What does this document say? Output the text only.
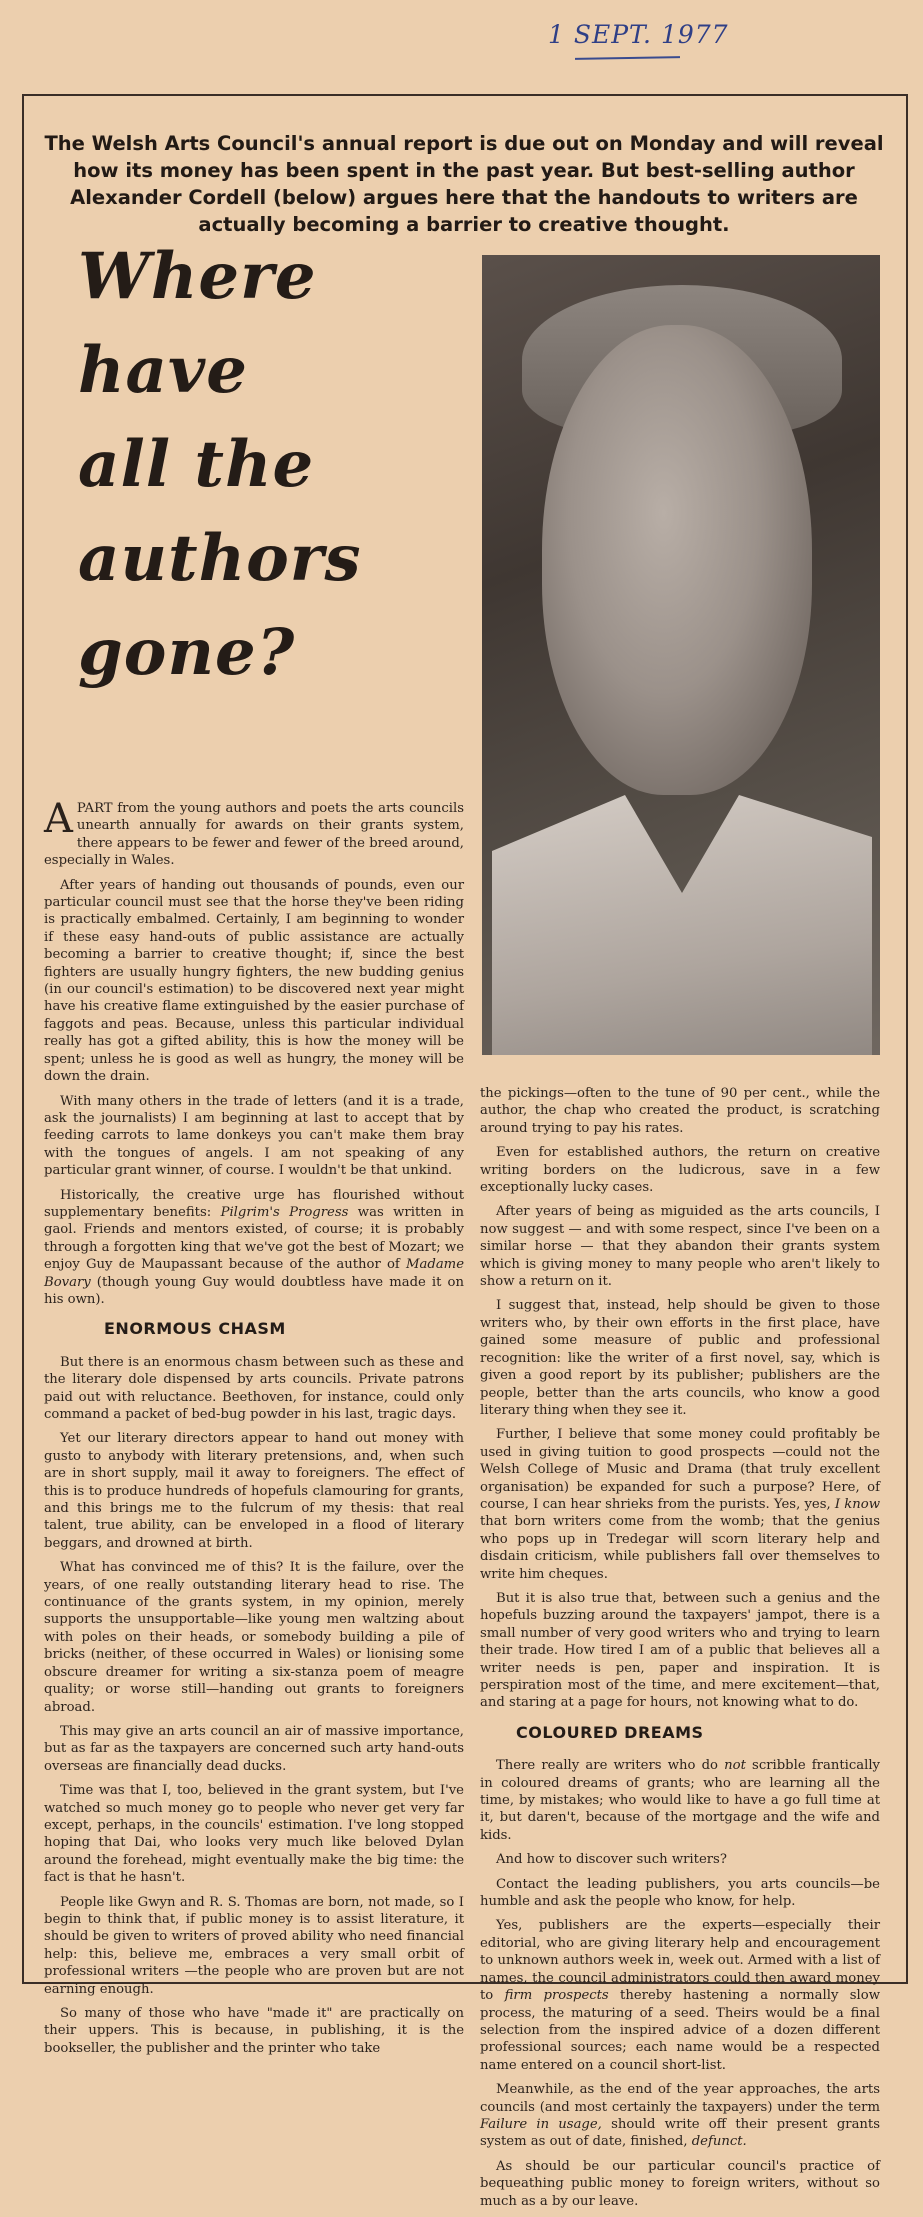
1 SEPT. 1977
The Welsh Arts Council's annual report is due out on Monday and will reveal how its money has been spent in the past year. But best-selling author Alexander Cordell (below) argues here that the handouts to writers are actually becoming a barrier to creative thought.
Where
have
all the
authors
gone?

APART from the young authors and poets the arts councils unearth annually for awards on their grants system, there appears to be fewer and fewer of the breed around, especially in Wales.

After years of handing out thousands of pounds, even our particular council must see that the horse they've been riding is practically embalmed. Certainly, I am beginning to wonder if these easy hand-outs of public assistance are actually becoming a barrier to creative thought; if, since the best fighters are usually hungry fighters, the new budding genius (in our council's estimation) to be discovered next year might have his creative flame extinguished by the easier purchase of faggots and peas. Because, unless this particular individual really has got a gifted ability, this is how the money will be spent; unless he is good as well as hungry, the money will be down the drain.

With many others in the trade of letters (and it is a trade, ask the journalists) I am beginning at last to accept that by feeding carrots to lame donkeys you can't make them bray with the tongues of angels. I am not speaking of any particular grant winner, of course. I wouldn't be that unkind.

Historically, the creative urge has flourished without supplementary benefits: Pilgrim's Progress was written in gaol. Friends and mentors existed, of course; it is probably through a forgotten king that we've got the best of Mozart; we enjoy Guy de Maupassant because of the author of Madame Bovary (though young Guy would doubtless have made it on his own).

ENORMOUS CHASM

But there is an enormous chasm between such as these and the literary dole dispensed by arts councils. Private patrons paid out with reluctance. Beethoven, for instance, could only command a packet of bed-bug powder in his last, tragic days.

Yet our literary directors appear to hand out money with gusto to anybody with literary pretensions, and, when such are in short supply, mail it away to foreigners. The effect of this is to produce hundreds of hopefuls clamouring for grants, and this brings me to the fulcrum of my thesis: that real talent, true ability, can be enveloped in a flood of literary beggars, and drowned at birth.

What has convinced me of this? It is the failure, over the years, of one really outstanding literary head to rise. The continuance of the grants system, in my opinion, merely supports the unsupportable—like young men waltzing about with poles on their heads, or somebody building a pile of bricks (neither, of these occurred in Wales) or lionising some obscure dreamer for writing a six-stanza poem of meagre quality; or worse still—handing out grants to foreigners abroad.

This may give an arts council an air of massive importance, but as far as the taxpayers are concerned such arty hand-outs overseas are financially dead ducks.

Time was that I, too, believed in the grant system, but I've watched so much money go to people who never get very far except, perhaps, in the councils' estimation. I've long stopped hoping that Dai, who looks very much like beloved Dylan around the forehead, might eventually make the big time: the fact is that he hasn't.

People like Gwyn and R. S. Thomas are born, not made, so I begin to think that, if public money is to assist literature, it should be given to writers of proved ability who need financial help: this, believe me, embraces a very small orbit of professional writers —the people who are proven but are not earning enough.

So many of those who have "made it" are practically on their uppers. This is because, in publishing, it is the bookseller, the publisher and the printer who take

the pickings—often to the tune of 90 per cent., while the author, the chap who created the product, is scratching around trying to pay his rates.

Even for established authors, the return on creative writing borders on the ludicrous, save in a few exceptionally lucky cases.

After years of being as miguided as the arts councils, I now suggest — and with some respect, since I've been on a similar horse — that they abandon their grants system which is giving money to many people who aren't likely to show a return on it.

I suggest that, instead, help should be given to those writers who, by their own efforts in the first place, have gained some measure of public and professional recognition: like the writer of a first novel, say, which is given a good report by its publisher; publishers are the people, better than the arts councils, who know a good literary thing when they see it.

Further, I believe that some money could profitably be used in giving tuition to good prospects —could not the Welsh College of Music and Drama (that truly excellent organisation) be expanded for such a purpose? Here, of course, I can hear shrieks from the purists. Yes, yes, I know that born writers come from the womb; that the genius who pops up in Tredegar will scorn literary help and disdain criticism, while publishers fall over themselves to write him cheques.

But it is also true that, between such a genius and the hopefuls buzzing around the taxpayers' jampot, there is a small number of very good writers who and trying to learn their trade. How tired I am of a public that believes all a writer needs is pen, paper and inspiration. It is perspiration most of the time, and mere excitement—that, and staring at a page for hours, not knowing what to do.

COLOURED DREAMS

There really are writers who do not scribble frantically in coloured dreams of grants; who are learning all the time, by mistakes; who would like to have a go full time at it, but daren't, because of the mortgage and the wife and kids.

And how to discover such writers?

Contact the leading publishers, you arts councils—be humble and ask the people who know, for help.

Yes, publishers are the experts—especially their editorial, who are giving literary help and encouragement to unknown authors week in, week out. Armed with a list of names, the council administrators could then award money to firm prospects thereby hastening a normally slow process, the maturing of a seed. Theirs would be a final selection from the inspired advice of a dozen different professional sources; each name would be a respected name entered on a council short-list.

Meanwhile, as the end of the year approaches, the arts councils (and most certainly the taxpayers) under the term Failure in usage, should write off their present grants system as out of date, finished, defunct.

As should be our particular council's practice of bequeathing public money to foreign writers, without so much as a by our leave.
